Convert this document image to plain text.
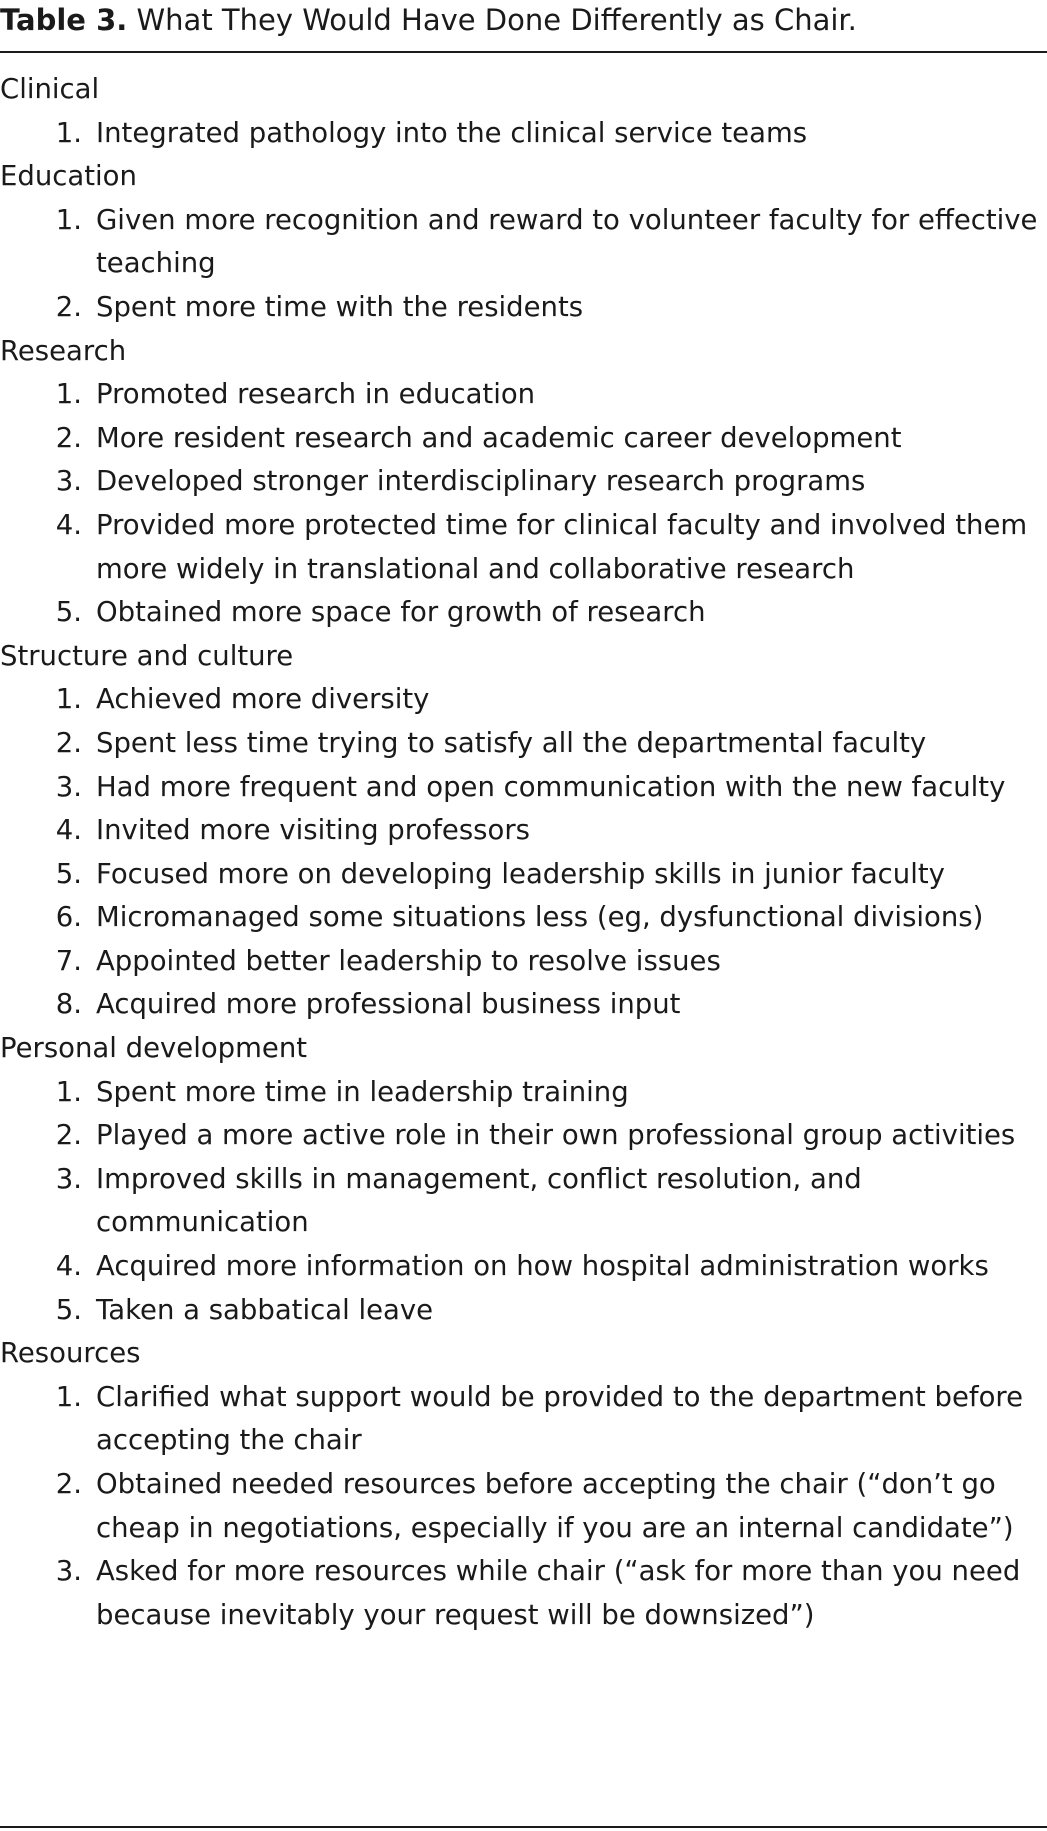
Table 3. What They Would Have Done Differently as Chair.
Clinical
1. Integrated pathology into the clinical service teams
Education
1. Given more recognition and reward to volunteer faculty for effective teaching
2. Spent more time with the residents
Research
1. Promoted research in education
2. More resident research and academic career development
3. Developed stronger interdisciplinary research programs
4. Provided more protected time for clinical faculty and involved them more widely in translational and collaborative research
5. Obtained more space for growth of research
Structure and culture
1. Achieved more diversity
2. Spent less time trying to satisfy all the departmental faculty
3. Had more frequent and open communication with the new faculty
4. Invited more visiting professors
5. Focused more on developing leadership skills in junior faculty
6. Micromanaged some situations less (eg, dysfunctional divisions)
7. Appointed better leadership to resolve issues
8. Acquired more professional business input
Personal development
1. Spent more time in leadership training
2. Played a more active role in their own professional group activities
3. Improved skills in management, conflict resolution, and communication
4. Acquired more information on how hospital administration works
5. Taken a sabbatical leave
Resources
1. Clarified what support would be provided to the department before accepting the chair
2. Obtained needed resources before accepting the chair (“don’t go cheap in negotiations, especially if you are an internal candidate”)
3. Asked for more resources while chair (“ask for more than you need because inevitably your request will be downsized”)
